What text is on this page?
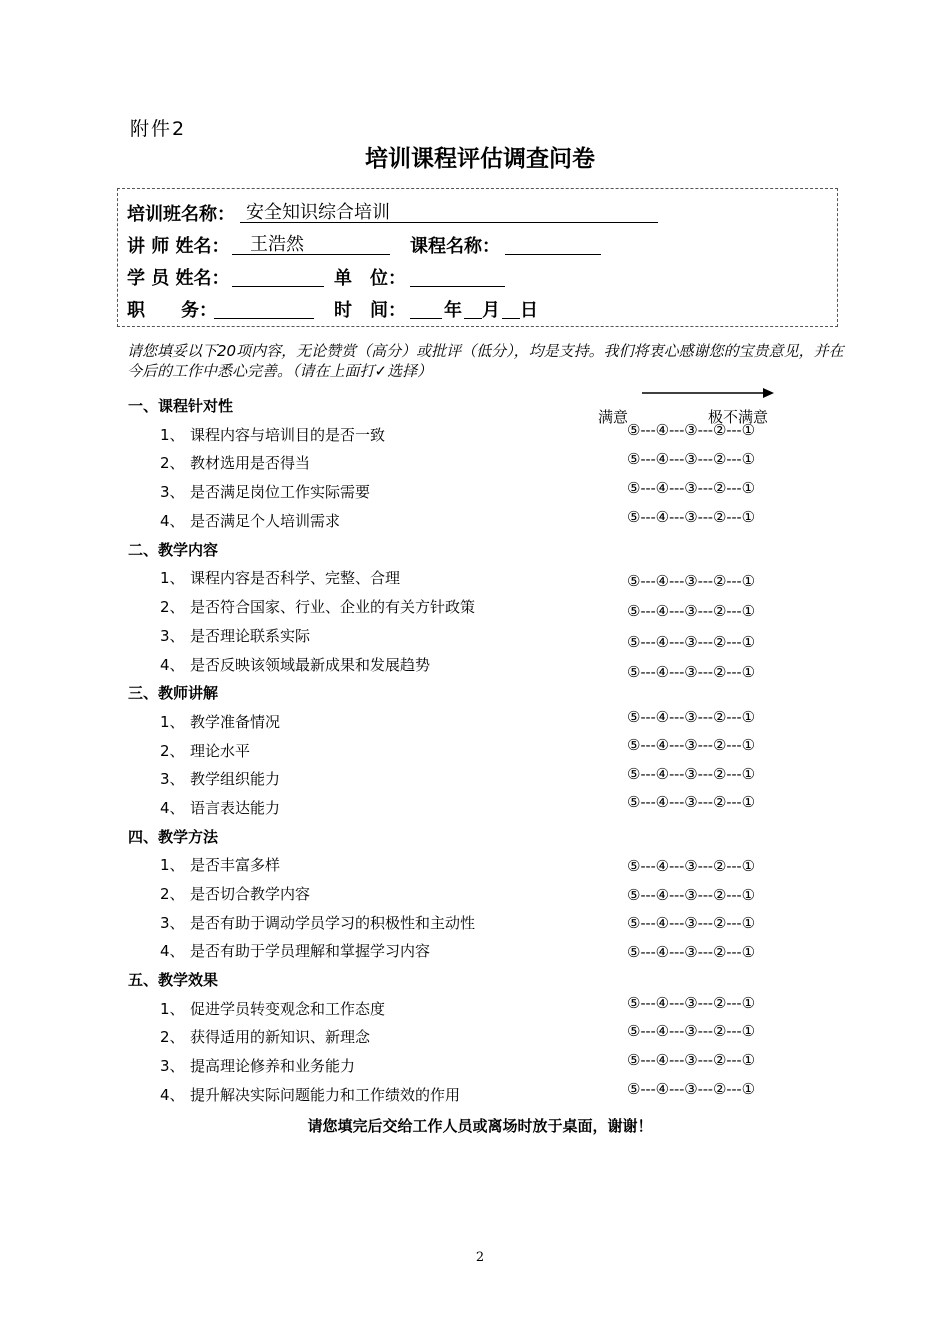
附件2
培训课程评估调查问卷
培训班名称： 安全知识综合培训
讲 师 姓名：	王浩然	课程名称：
学 员 姓名：	单　位：
职　　务：	时　间： 年 月 日
请您填妥以下20项内容，无论赞赏（高分）或批评（低分），均是支持。我们将衷心感谢您的宝贵意见，并在今后的工作中悉心完善。（请在上面打✓选择）
满意	极不满意
一、课程针对性
1、 课程内容与培训目的是否一致	⑤---④---③---②---①
2、 教材选用是否得当	⑤---④---③---②---①
3、 是否满足岗位工作实际需要	⑤---④---③---②---①
4、 是否满足个人培训需求	⑤---④---③---②---①
二、教学内容
1、 课程内容是否科学、完整、合理	⑤---④---③---②---①
2、 是否符合国家、行业、企业的有关方针政策	⑤---④---③---②---①
3、 是否理论联系实际	⑤---④---③---②---①
4、 是否反映该领域最新成果和发展趋势	⑤---④---③---②---①
三、教师讲解
1、 教学准备情况	⑤---④---③---②---①
2、 理论水平	⑤---④---③---②---①
3、 教学组织能力	⑤---④---③---②---①
4、 语言表达能力	⑤---④---③---②---①
四、教学方法
1、 是否丰富多样	⑤---④---③---②---①
2、 是否切合教学内容	⑤---④---③---②---①
3、 是否有助于调动学员学习的积极性和主动性	⑤---④---③---②---①
4、 是否有助于学员理解和掌握学习内容	⑤---④---③---②---①
五、教学效果
1、 促进学员转变观念和工作态度	⑤---④---③---②---①
2、 获得适用的新知识、新理念	⑤---④---③---②---①
3、 提高理论修养和业务能力	⑤---④---③---②---①
4、 提升解决实际问题能力和工作绩效的作用	⑤---④---③---②---①
请您填完后交给工作人员或离场时放于桌面，谢谢！
2
